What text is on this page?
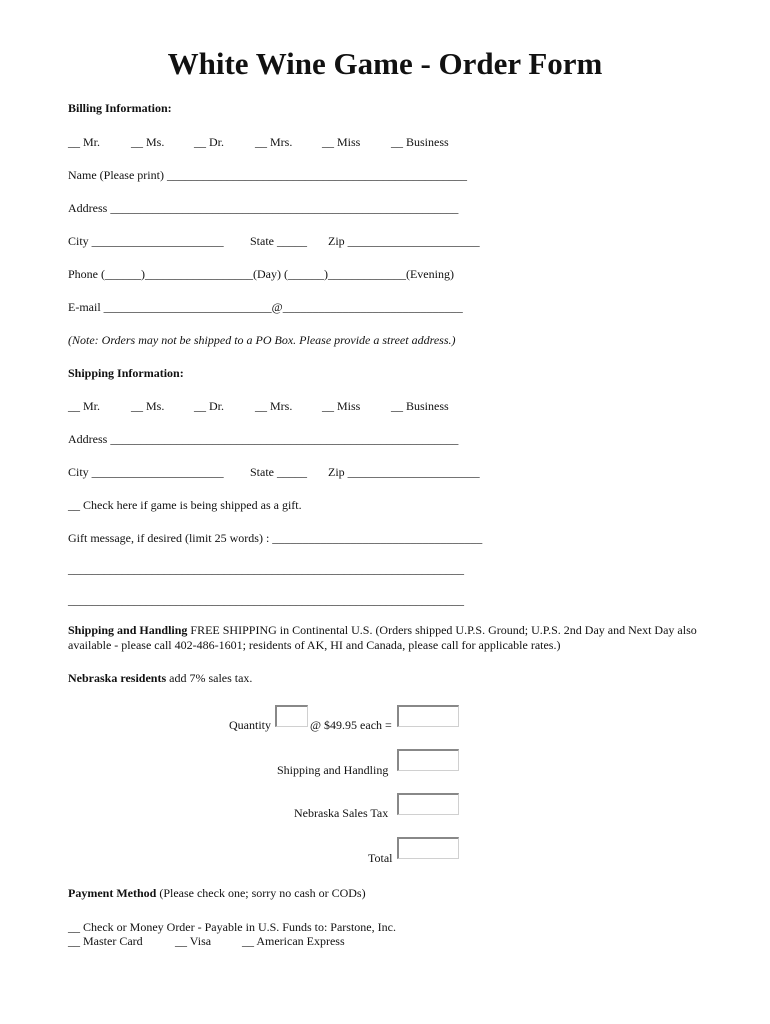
White Wine Game - Order Form
Billing Information:
__ Mr.	__ Ms. __ Dr.	__ Mrs. __ Miss	__ Business
Name (Please print) __________________________________________________
Address __________________________________________________________
City ______________________ State _____ Zip ______________________
Phone (______)__________________(Day) (______)_____________(Evening)
E-mail ____________________________@______________________________
(Note: Orders may not be shipped to a PO Box. Please provide a street address.)
Shipping Information:
__ Mr.	__ Ms. __ Dr.	__ Mrs. __ Miss	__ Business
Address __________________________________________________________
City ______________________ State _____ Zip ______________________
__ Check here if game is being shipped as a gift.
Gift message, if desired (limit 25 words) : ___________________________________
__________________________________________________________________
__________________________________________________________________
Shipping and Handling FREE SHIPPING in Continental U.S. (Orders shipped U.P.S. Ground; U.P.S. 2nd Day and Next Day also available - please call 402-486-1601; residents of AK, HI and Canada, please call for applicable rates.)
Nebraska residents add 7% sales tax.
Quantity	@ $49.95 each =
Shipping and Handling
Nebraska Sales Tax
Total
Payment Method (Please check one; sorry no cash or CODs)
__ Check or Money Order - Payable in U.S. Funds to: Parstone, Inc.
__ Master Card	__ Visa	__ American Express
